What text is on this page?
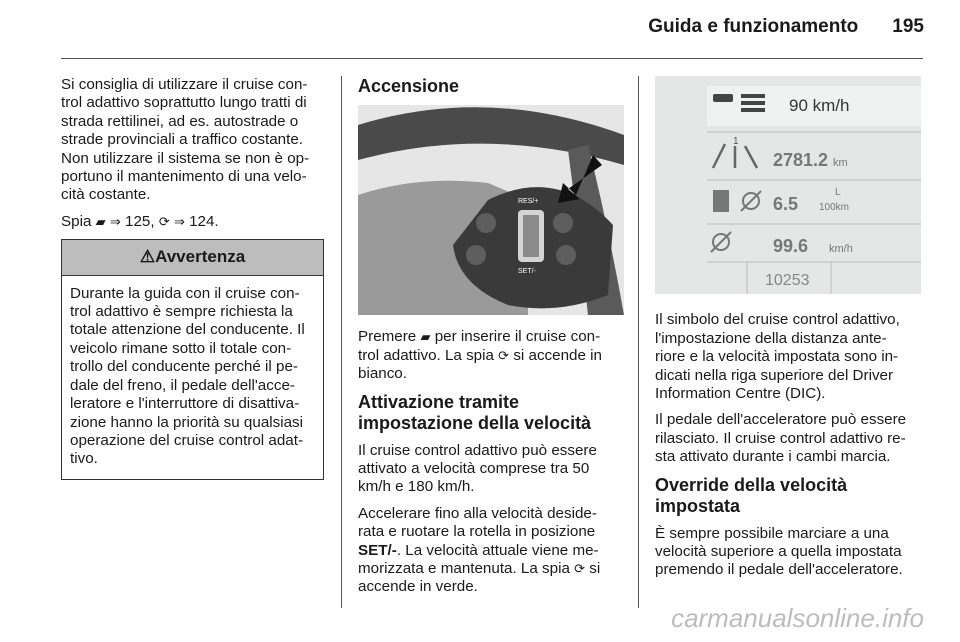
Guida e funzionamento 195

Si consiglia di utilizzare il cruise con- trol adattivo soprattutto lungo tratti di strada rettilinei, ad es. autostrade o strade provinciali a traffico costante. Non utilizzare il sistema se non è op- portuno il mantenimento di una velo- cità costante.

Spia ▰ ⇒ 125, ⟳ ⇒ 124.

⚠Avvertenza
Durante la guida con il cruise con- trol adattivo è sempre richiesta la totale attenzione del conducente. Il veicolo rimane sotto il totale con- trollo del conducente perché il pe- dale del freno, il pedale dell'acce- leratore e l'interruttore di disattiva- zione hanno la priorità su qualsiasi operazione del cruise control adat- tivo.
Accensione
RES/+
SET/-

Premere ▰ per inserire il cruise con- trol adattivo. La spia ⟳ si accende in bianco.

Attivazione tramite impostazione della velocità

Il cruise control adattivo può essere attivato a velocità comprese tra 50 km/h e 180 km/h.

Accelerare fino alla velocità deside- rata e ruotare la rotella in posizione SET/-. La velocità attuale viene me- morizzata e mantenuta. La spia ⟳ si accende in verde.

90 km/h
1
2781.2 km
6.5
L
100km
99.6 km/h
10253

Il simbolo del cruise control adattivo, l'impostazione della distanza ante- riore e la velocità impostata sono in- dicati nella riga superiore del Driver Information Centre (DIC).

Il pedale dell'acceleratore può essere rilasciato. Il cruise control adattivo re- sta attivato durante i cambi marcia.

Override della velocità impostata

È sempre possibile marciare a una velocità superiore a quella impostata premendo il pedale dell'acceleratore.

carmanualsonline.info
